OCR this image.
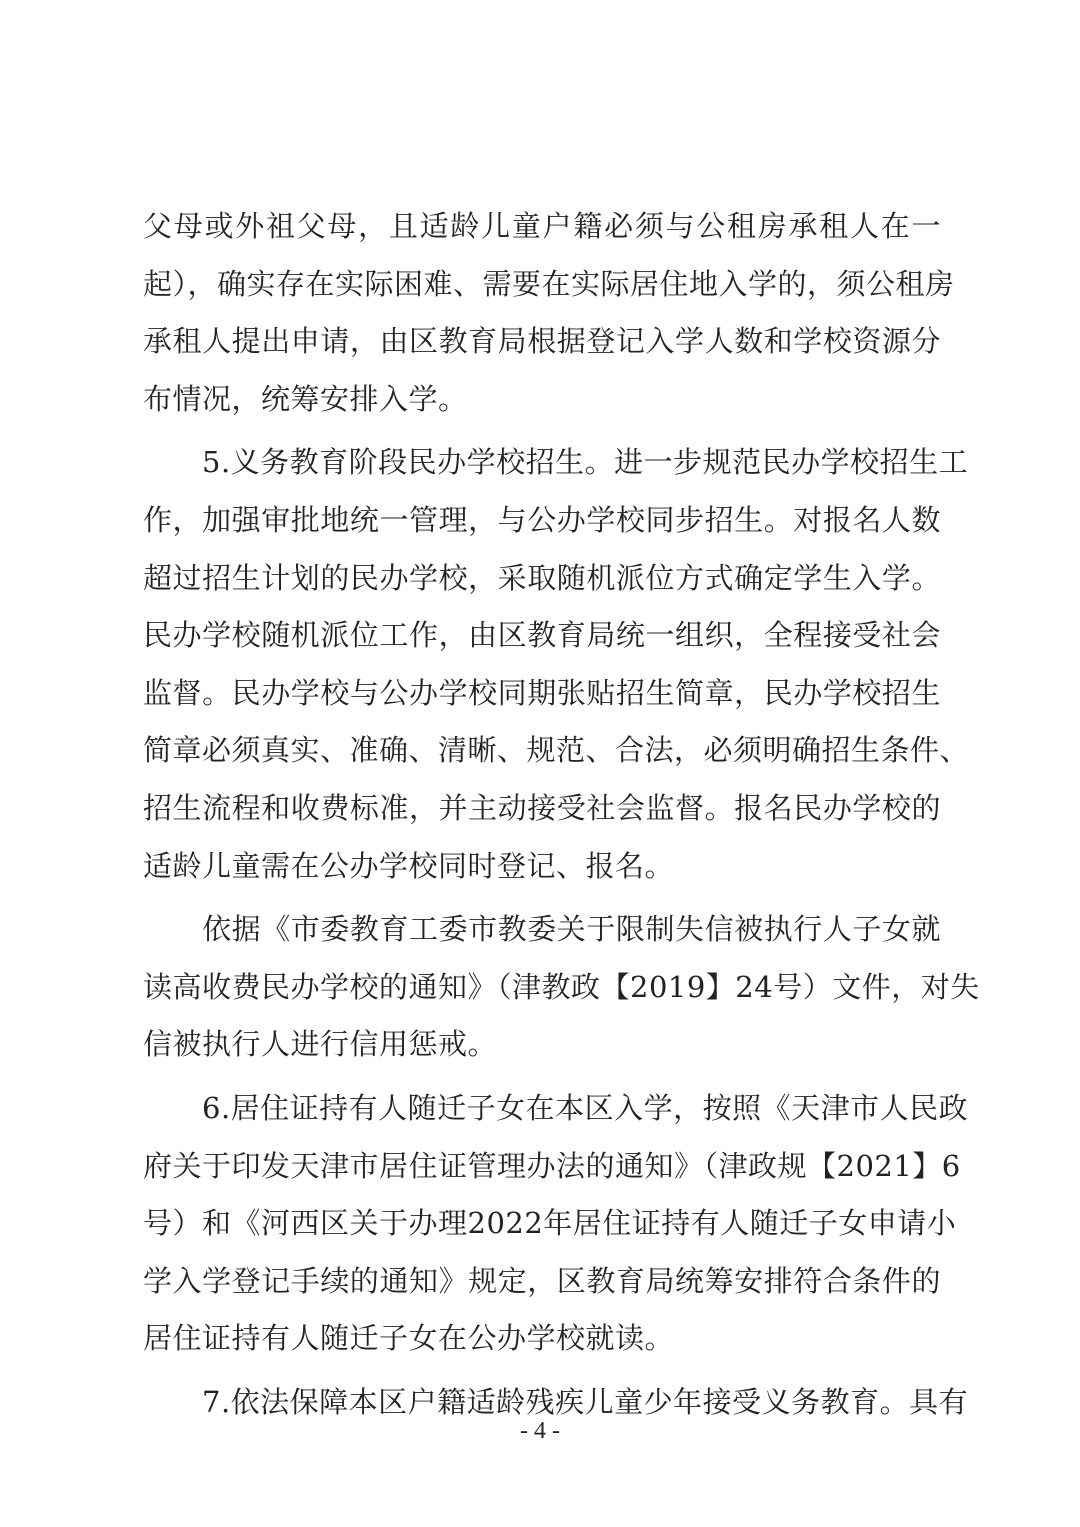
父母或外祖父母，且适龄儿童户籍必须与公租房承租人在一
起），确实存在实际困难、需要在实际居住地入学的，须公租房
承租人提出申请，由区教育局根据登记入学人数和学校资源分
布情况，统筹安排入学。
　　5.义务教育阶段民办学校招生。进一步规范民办学校招生工
作，加强审批地统一管理，与公办学校同步招生。对报名人数
超过招生计划的民办学校，采取随机派位方式确定学生入学。
民办学校随机派位工作，由区教育局统一组织，全程接受社会
监督。民办学校与公办学校同期张贴招生简章，民办学校招生
简章必须真实、准确、清晰、规范、合法，必须明确招生条件、
招生流程和收费标准，并主动接受社会监督。报名民办学校的
适龄儿童需在公办学校同时登记、报名。
　　依据《市委教育工委市教委关于限制失信被执行人子女就
读高收费民办学校的通知》（津教政【2019】24号）文件，对失
信被执行人进行信用惩戒。
　　6.居住证持有人随迁子女在本区入学，按照《天津市人民政
府关于印发天津市居住证管理办法的通知》（津政规【2021】6
号）和《河西区关于办理2022年居住证持有人随迁子女申请小
学入学登记手续的通知》规定，区教育局统筹安排符合条件的
居住证持有人随迁子女在公办学校就读。
　　7.依法保障本区户籍适龄残疾儿童少年接受义务教育。具有
- 4 -
